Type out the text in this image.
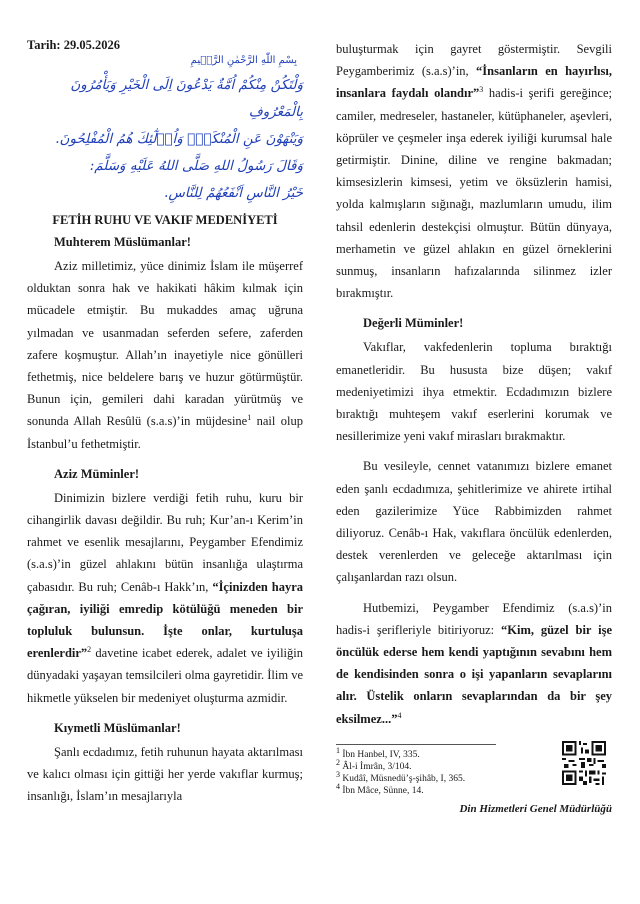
Tarih: 29.05.2026
بِسْمِ اللّٰهِ الرَّحْمٰنِ الرَّح۪يمِ
وَلْتَكُنْ مِنْكُمْ اُمَّةٌ يَدْعُونَ اِلَى الْخَيْرِ وَيَأْمُرُونَ بِالْمَعْرُوفِ
وَيَنْهَوْنَ عَنِ الْمُنْكَرِۜ وَاُو۬لٰٓئِكَ هُمُ الْمُفْلِحُونَ.
وَقَالَ رَسُولُ اللهِ صَلَّى اللهُ عَلَيْهِ وَسَلَّمَ:
خَيْرُ النَّاسِ اَنْفَعُهُمْ لِلنَّاسِ.
FETİH RUHU VE VAKIF MEDENİYETİ
Muhterem Müslümanlar!

Aziz milletimiz, yüce dinimiz İslam ile müşerref olduktan sonra hak ve hakikati hâkim kılmak için mücadele etmiştir. Bu mukaddes amaç uğruna yılmadan ve usanmadan seferden sefere, zaferden zafere koşmuştur. Allah’ın inayetiyle nice gönülleri fethetmiş, nice beldelere barış ve huzur götürmüştür. Bunun için, gemileri dahi karadan yürütmüş ve sonunda Allah Resûlü (s.a.s)’in müjdesine$^1$ nail olup İstanbul’u fethetmiştir.

Aziz Müminler!

Dinimizin bizlere verdiği fetih ruhu, kuru bir cihangirlik davası değildir. Bu ruh; Kur’an-ı Kerim’in rahmet ve esenlik mesajlarını, Peygamber Efendimiz (s.a.s)’in güzel ahlakını bütün insanlığa ulaştırma çabasıdır. Bu ruh; Cenâb-ı Hakk’ın, “İçinizden hayra çağıran, iyiliği emredip kötülüğü meneden bir topluluk bulunsun. İşte onlar, kurtuluşa erenlerdir”$^2$ davetine icabet ederek, adalet ve iyiliğin dünyadaki yaşayan temsilcileri olma gayretidir. İlim ve hikmetle yükselen bir medeniyet oluşturma azmidir.

Kıymetli Müslümanlar!

Şanlı ecdadımız, fetih ruhunun hayata aktarılması ve kalıcı olması için gittiği her yerde vakıflar kurmuş; insanlığı, İslam’ın mesajlarıyla

buluşturmak için gayret göstermiştir. Sevgili Peygamberimiz (s.a.s)’in, “İnsanların en hayırlısı, insanlara faydalı olandır”$^3$ hadis-i şerifi gereğince; camiler, medreseler, hastaneler, kütüphaneler, aşevleri, köprüler ve çeşmeler inşa ederek iyiliği kurumsal hale getirmiştir. Dinine, diline ve rengine bakmadan; kimsesizlerin kimsesi, yetim ve öksüzlerin hamisi, yolda kalmışların sığınağı, mazlumların umudu, ilim tahsil edenlerin destekçisi olmuştur. Bütün dünyaya, merhametin ve güzel ahlakın en güzel örneklerini sunmuş, insanların hafızalarında silinmez izler bırakmıştır.

Değerli Müminler!

Vakıflar, vakfedenlerin topluma bıraktığı emanetleridir. Bu hususta bize düşen; vakıf medeniyetimizi ihya etmektir. Ecdadımızın bizlere bıraktığı muhteşem vakıf eserlerini korumak ve nesillerimize yeni vakıf mirasları bırakmaktır.

Bu vesileyle, cennet vatanımızı bizlere emanet eden şanlı ecdadımıza, şehitlerimize ve ahirete irtihal eden gazilerimize Yüce Rabbimizden rahmet diliyoruz. Cenâb-ı Hak, vakıflara öncülük edenlerden, destek verenlerden ve geleceğe aktarılması için çalışanlardan razı olsun.

Hutbemizi, Peygamber Efendimiz (s.a.s)’in hadis-i şerifleriyle bitiriyoruz: “Kim, güzel bir işe öncülük ederse hem kendi yaptığının sevabını hem de kendisinden sonra o işi yapanların sevaplarını alır. Üstelik onların sevaplarından da bir şey eksilmez...”$^4$

$^1$ İbn Hanbel, IV, 335.
$^2$ Âl-i İmrân, 3/104.
$^3$ Kudâî, Müsnedü’ş-şihâb, I, 365.
$^4$ İbn Mâce, Sünne, 14.
Din Hizmetleri Genel Müdürlüğü
